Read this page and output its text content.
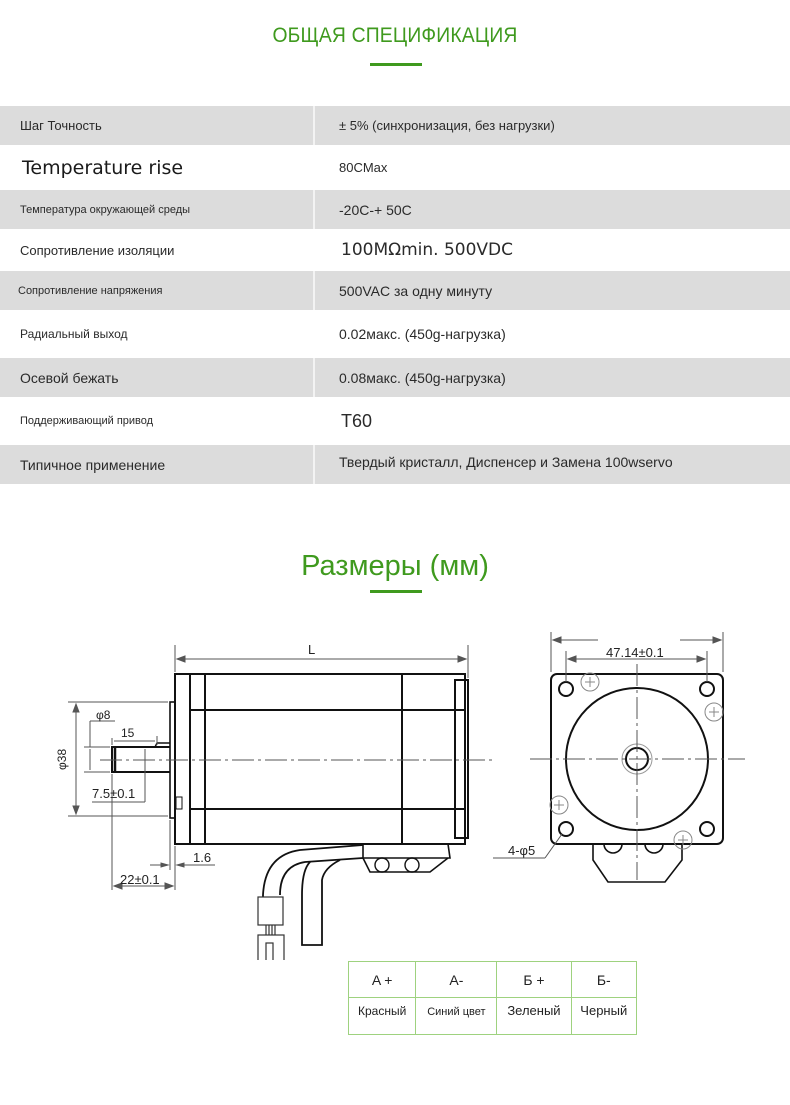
ОБЩАЯ СПЕЦИФИКАЦИЯ
Шаг Точность	± 5% (синхронизация, без нагрузки)
Temperature rise	80CMax
Температура окружающей среды	-20C-+ 50C
Сопротивление изоляции	100MΩmin. 500VDC
Сопротивление напряжения	500VAC за одну минуту
Радиальный выход	0.02макс. (450g-нагрузка)
Осевой бежать	0.08макс. (450g-нагрузка)
Поддерживающий привод	T60
Типичное применение	Твердый кристалл, Диспенсер и Замена 100wservo
Размеры (мм)
L
φ8
15
φ38
7.5±0.1
1.6
22±0.1
47.14±0.1
4-φ5
A +	A-	Б +	Б-
Красный	Синий цвет	Зеленый	Черный
